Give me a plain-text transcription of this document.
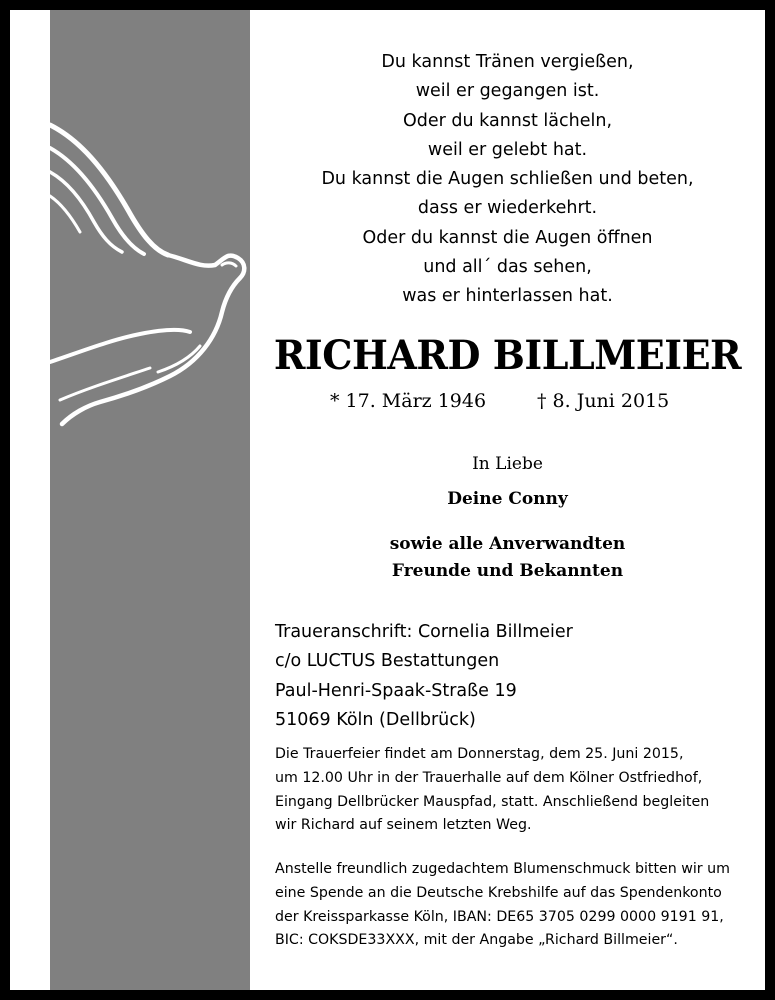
Du kannst Tränen vergießen,
weil er gegangen ist.
Oder du kannst lächeln,
weil er gelebt hat.
Du kannst die Augen schließen und beten,
dass er wiederkehrt.
Oder du kannst die Augen öffnen
und all´ das sehen,
was er hinterlassen hat.
RICHARD BILLMEIER
* 17. März 1946	† 8. Juni 2015
In Liebe
Deine Conny
sowie alle Anverwandten
Freunde und Bekannten
Traueranschrift: Cornelia Billmeier
c/o LUCTUS Bestattungen
Paul-Henri-Spaak-Straße 19
51069 Köln (Dellbrück)
Die Trauerfeier findet am Donnerstag, dem 25. Juni 2015,
um 12.00 Uhr in der Trauerhalle auf dem Kölner Ostfriedhof,
Eingang Dellbrücker Mauspfad, statt. Anschließend begleiten
wir Richard auf seinem letzten Weg.
Anstelle freundlich zugedachtem Blumenschmuck bitten wir um
eine Spende an die Deutsche Krebshilfe auf das Spendenkonto
der Kreissparkasse Köln, IBAN: DE65 3705 0299 0000 9191 91,
BIC: COKSDE33XXX, mit der Angabe „Richard Billmeier“.
